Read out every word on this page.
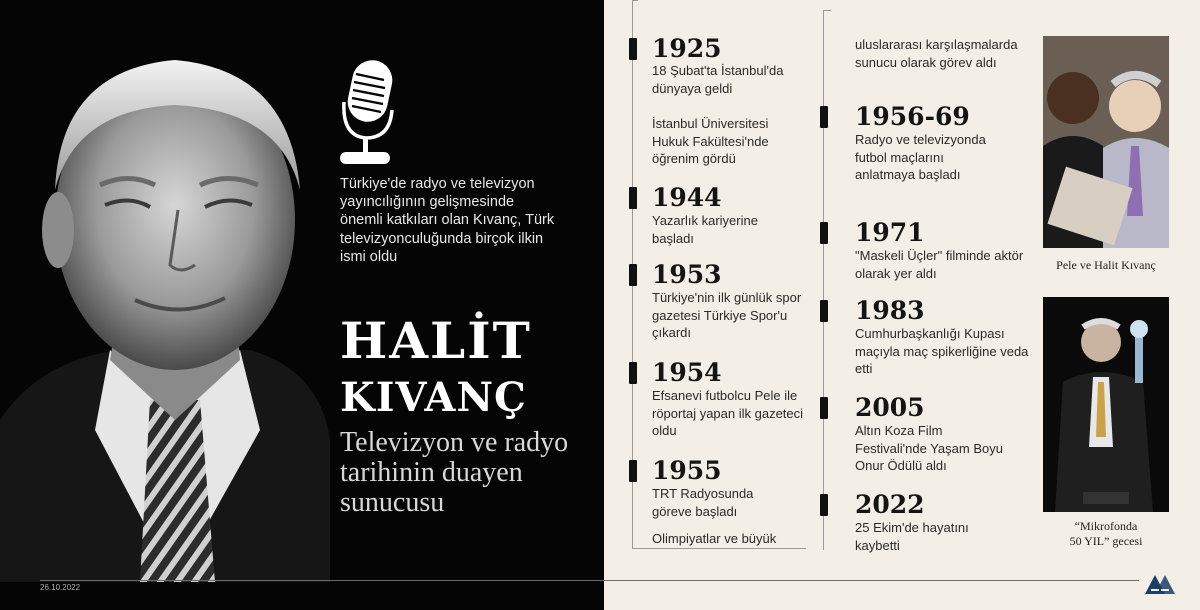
Türkiye'de radyo ve televizyon yayıncılığının gelişmesinde önemli katkıları olan Kıvanç, Türk televizyonculuğunda birçok ilkin ismi oldu

HALİT
KIVANÇ

Televizyon ve radyo tarihinin duayen sunucusu

26.10.2022

1925

18 Şubat'ta İstanbul'da dünyaya geldi

İstanbul Üniversitesi Hukuk Fakültesi'nde öğrenim gördü

1944

Yazarlık kariyerine başladı

1953

Türkiye'nin ilk günlük spor gazetesi Türkiye Spor'u çıkardı

1954

Efsanevi futbolcu Pele ile röportaj yapan ilk gazeteci oldu

1955

TRT Radyosunda göreve başladı

Olimpiyatlar ve büyük

uluslararası karşılaşmalarda sunucu olarak görev aldı

1956-69

Radyo ve televizyonda futbol maçlarını anlatmaya başladı

1971

"Maskeli Üçler" filminde aktör olarak yer aldı

1983

Cumhurbaşkanlığı Kupası maçıyla maç spikerliğine veda etti

2005

Altın Koza Film Festivali'nde Yaşam Boyu Onur Ödülü aldı

2022

25 Ekim'de hayatını kaybetti

Pele ve Halit Kıvanç

“Mikrofonda
50 YIL” gecesi
